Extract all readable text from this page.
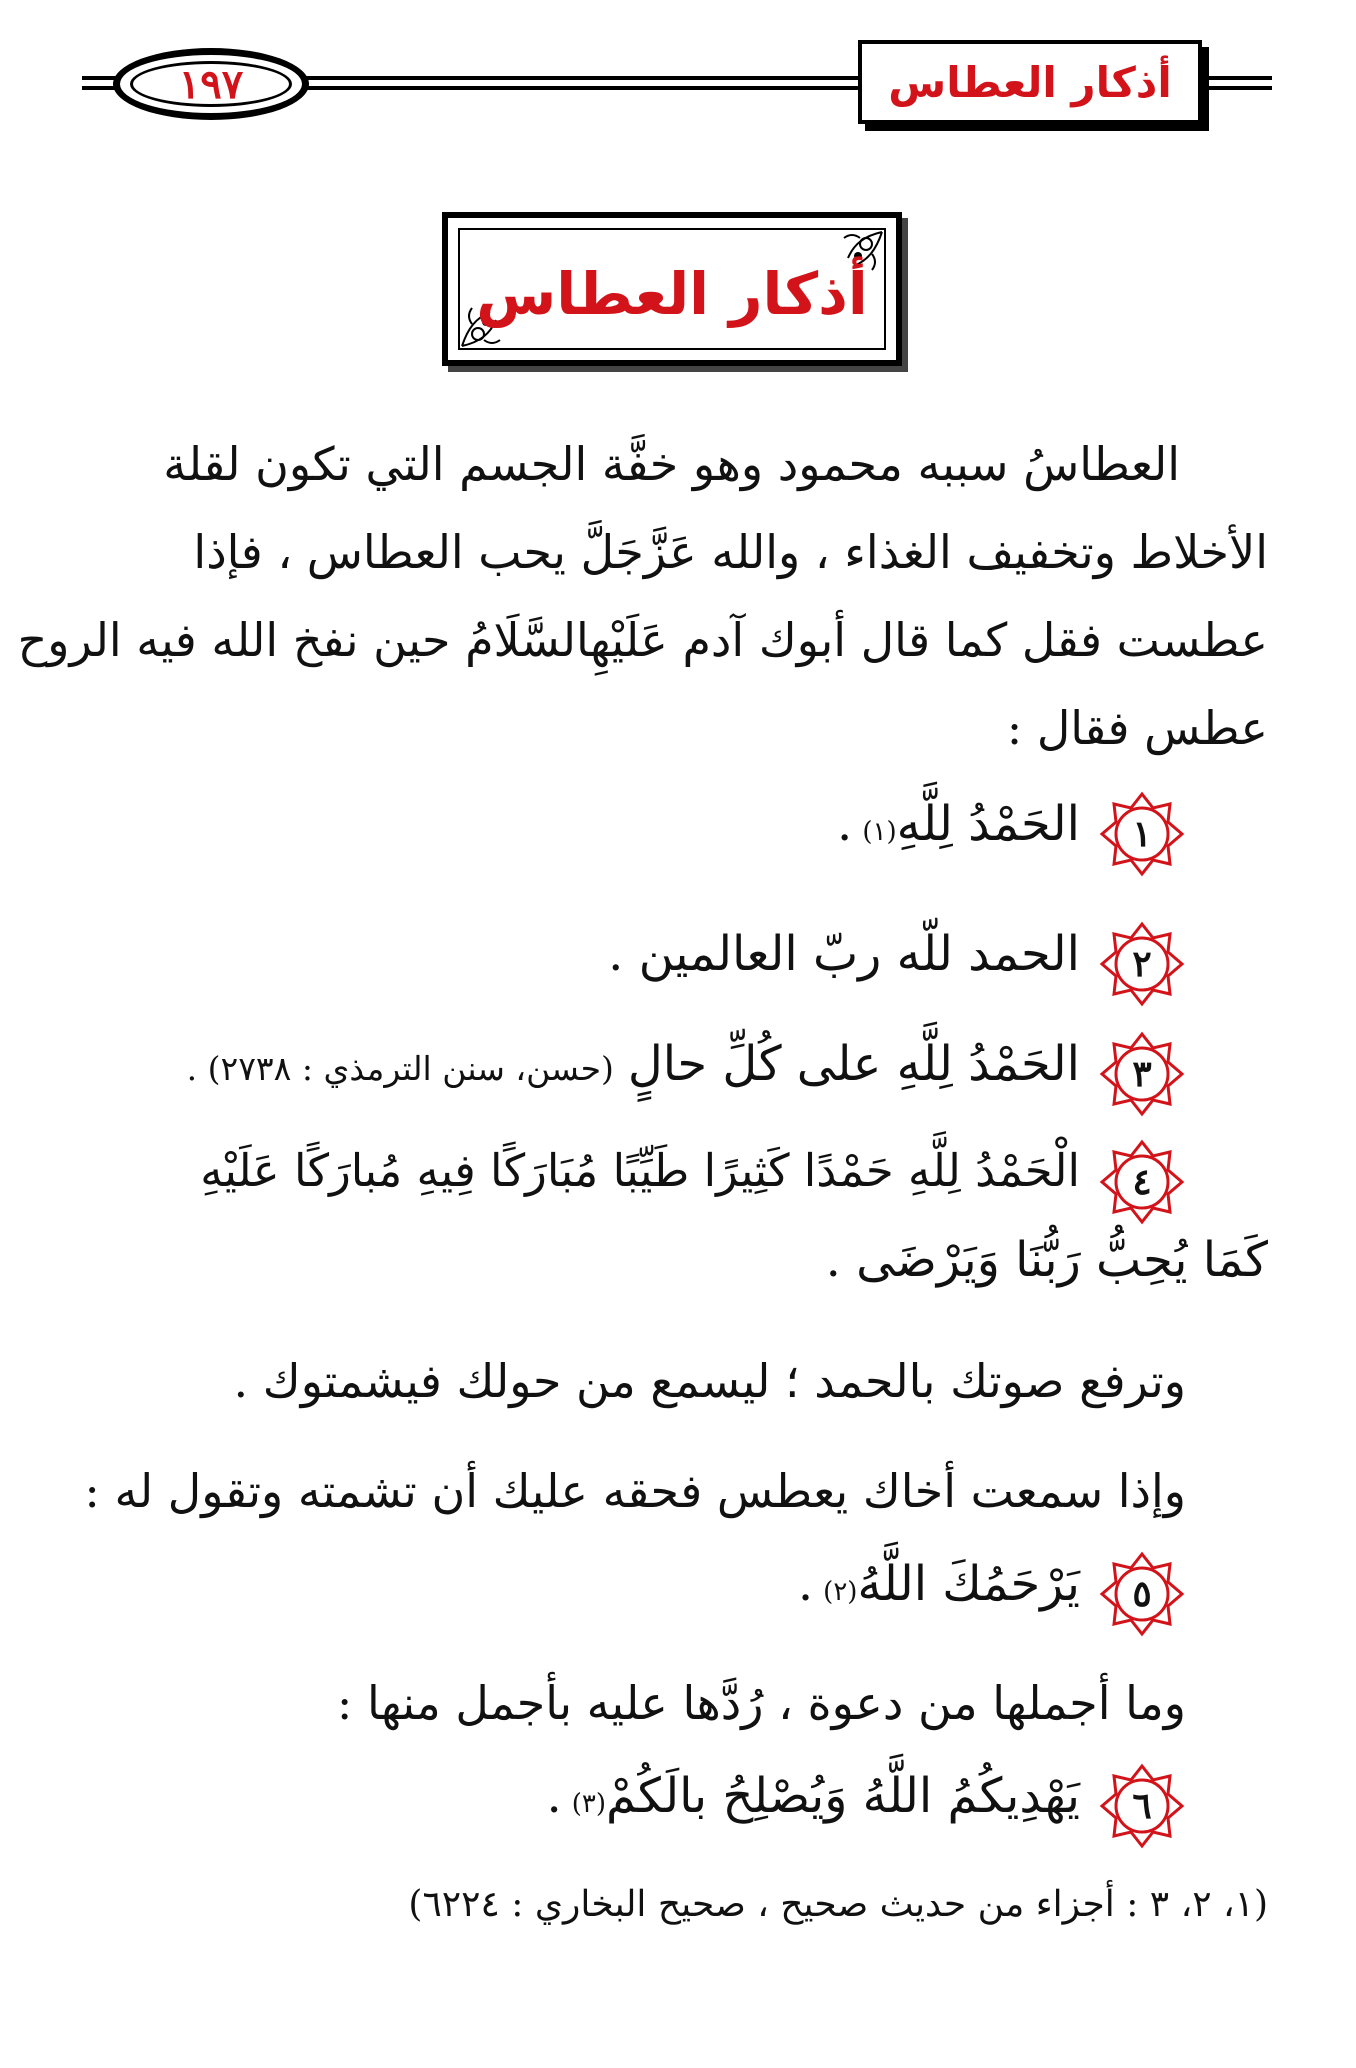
١٩٧	أذكار العطاس
أذكار العطاس
العطاسُ سببه محمود وهو خفَّة الجسم التي تكون لقلة
الأخلاط وتخفيف الغذاء ، والله عَزَّجَلَّ يحب العطاس ، فإذا
عطست فقل كما قال أبوك آدم عَلَيْهِالسَّلَامُ حين نفخ الله فيه الروح
عطس فقال :
١
الحَمْدُ لِلَّهِ
(١)
.
٢
الحمد للّه ربّ العالمين .
٣
الحَمْدُ لِلَّهِ على كُلِّ حالٍ
(حسن، سنن الترمذي : ٢٧٣٨) .
٤
الْحَمْدُ لِلَّهِ حَمْدًا كَثِيرًا طَيِّبًا مُبَارَكًا فِيهِ مُبارَكًا عَلَيْهِ
كَمَا يُحِبُّ رَبُّنَا وَيَرْضَى .
وترفع صوتك بالحمد ؛ ليسمع من حولك فيشمتوك .
وإذا سمعت أخاك يعطس فحقه عليك أن تشمته وتقول له :
٥
يَرْحَمُكَ اللَّهُ
(٢)
.
وما أجملها من دعوة ، رُدَّها عليه بأجمل منها :
٦
يَهْدِيكُمُ اللَّهُ وَيُصْلِحُ بالَكُمْ
(٣)
.
(١، ٢، ٣ : أجزاء من حديث صحيح ، صحيح البخاري : ٦٢٢٤)
